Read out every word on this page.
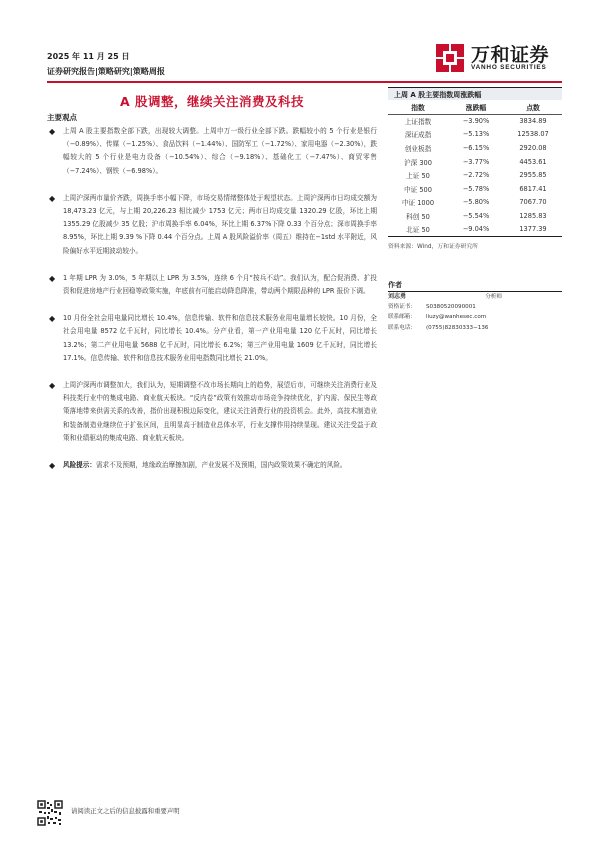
2025 年 11 月 25 日
证券研究报告|策略研究|策略周报
万和证券
VANHO SECURITIES
A 股调整，继续关注消费及科技
主要观点
◆ 上周 A 股主要指数全部下跌，出现较大调整。上周申万一级行业全部下跌。跌幅较小的 5 个行业是银行（−0.89%）、传媒（−1.25%）、食品饮料（−1.44%）、国防军工（−1.72%）、家用电器（−2.30%），跌幅较大的 5 个行业是电力设备（−10.54%）、综合（−9.18%）、基础化工（−7.47%）、商贸零售（−7.24%）、钢铁（−6.98%）。
◆ 上周沪深两市量价齐跌，周换手率小幅下降，市场交易情绪整体处于观望状态。上周沪深两市日均成交额为 18,473.23 亿元，与上期 20,226.23 相比减少 1753 亿元；两市日均成交量 1320.29 亿股，环比上期 1355.29 亿股减少 35 亿股；沪市周换手率 6.04%，环比上期 6.37%下降 0.33 个百分点；深市周换手率 8.95%，环比上期 9.39 %下降 0.44 个百分点。上周 A 股风险溢价率（周五）维持在−1std 水平附近，风险偏好水平近期波动较小。
◆ 1 年期 LPR 为 3.0%，5 年期以上 LPR 为 3.5%，连续 6 个月“按兵不动”。我们认为，配合促消费、扩投资和促进房地产行业回稳等政策实施，年底前有可能启动降息降准，带动两个期限品种的 LPR 报价下调。
◆ 10 月份全社会用电量同比增长 10.4%，信息传输、软件和信息技术服务业用电量增长较快。10 月份，全社会用电量 8572 亿千瓦时，同比增长 10.4%。分产业看，第一产业用电量 120 亿千瓦时，同比增长 13.2%；第二产业用电量 5688 亿千瓦时，同比增长 6.2%；第三产业用电量 1609 亿千瓦时，同比增长 17.1%。信息传输、软件和信息技术服务业用电指数同比增长 21.0%。
◆ 上周沪深两市调整加大，我们认为，短期调整不改市场长期向上的趋势，展望后市，可继续关注消费行业及科技类行业中的集成电路、商业航天板块。“反内卷”政策有效推动市场竞争持续优化，扩内需、保民生等政策落地带来供需关系的改善，指价出现积极边际变化，建议关注消费行业的投资机会。此外，高技术制造业和装备制造业继续位于扩张区间，且明显高于制造业总体水平，行业支撑作用持续显现。建议关注受益于政策和业绩驱动的集成电路、商业航天板块。
◆ 风险提示：需求不及预期，地缘政治摩擦加剧，产业发展不及预期，国内政策效果不确定的风险。
上周 A 股主要指数周涨跌幅
指数	涨跌幅	点数
上证指数	−3.90%	3834.89
深证成指	−5.13%	12538.07
创业板指	−6.15%	2920.08
沪深 300	−3.77%	4453.61
上证 50	−2.72%	2955.85
中证 500	−5.78%	6817.41
中证 1000	−5.80%	7067.70
科创 50	−5.54%	1285.83
北证 50	−9.04%	1377.39
资料来源：Wind，万和证券研究所
作者
刘志勇	分析师
资格证书： S0380520090001
联系邮箱： liuzy@wanhesec.com
联系电话： (0755)82830333−136
请阅读正文之后的信息披露和重要声明
